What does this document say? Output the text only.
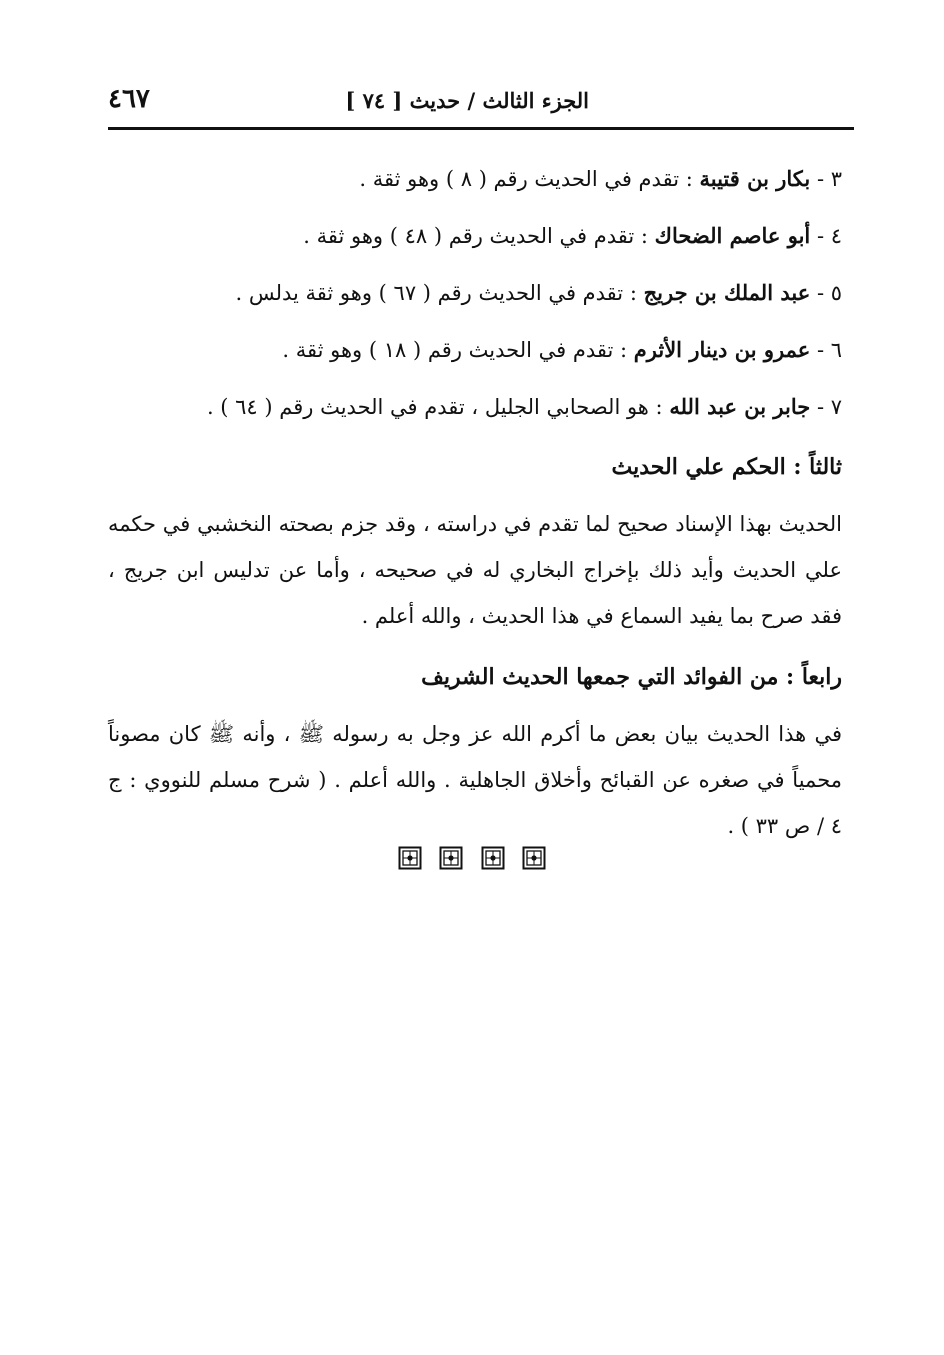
الجزء الثالث / حديث [ ٧٤ ]
٤٦٧
٣ - بكار بن قتيبة : تقدم في الحديث رقم ( ٨ ) وهو ثقة .
٤ - أبو عاصم الضحاك : تقدم في الحديث رقم ( ٤٨ ) وهو ثقة .
٥ - عبد الملك بن جريج : تقدم في الحديث رقم ( ٦٧ ) وهو ثقة يدلس .
٦ - عمرو بن دينار الأثرم : تقدم في الحديث رقم ( ١٨ ) وهو ثقة .
٧ - جابر بن عبد الله : هو الصحابي الجليل ، تقدم في الحديث رقم ( ٦٤ ) .
ثالثاً : الحكم علي الحديث
الحديث بهذا الإسناد صحيح لما تقدم في دراسته ، وقد جزم بصحته النخشبي في حكمه علي الحديث وأيد ذلك بإخراج البخاري له في صحيحه ، وأما عن تدليس ابن جريج ، فقد صرح بما يفيد السماع في هذا الحديث ، والله أعلم .
رابعاً : من الفوائد التي جمعها الحديث الشريف
في هذا الحديث بيان بعض ما أكرم الله عز وجل به رسوله ﷺ ، وأنه ﷺ كان مصوناً محمياً في صغره عن القبائح وأخلاق الجاهلية . والله أعلم . ( شرح مسلم للنووي : ج ٤ / ص ٣٣ ) .
